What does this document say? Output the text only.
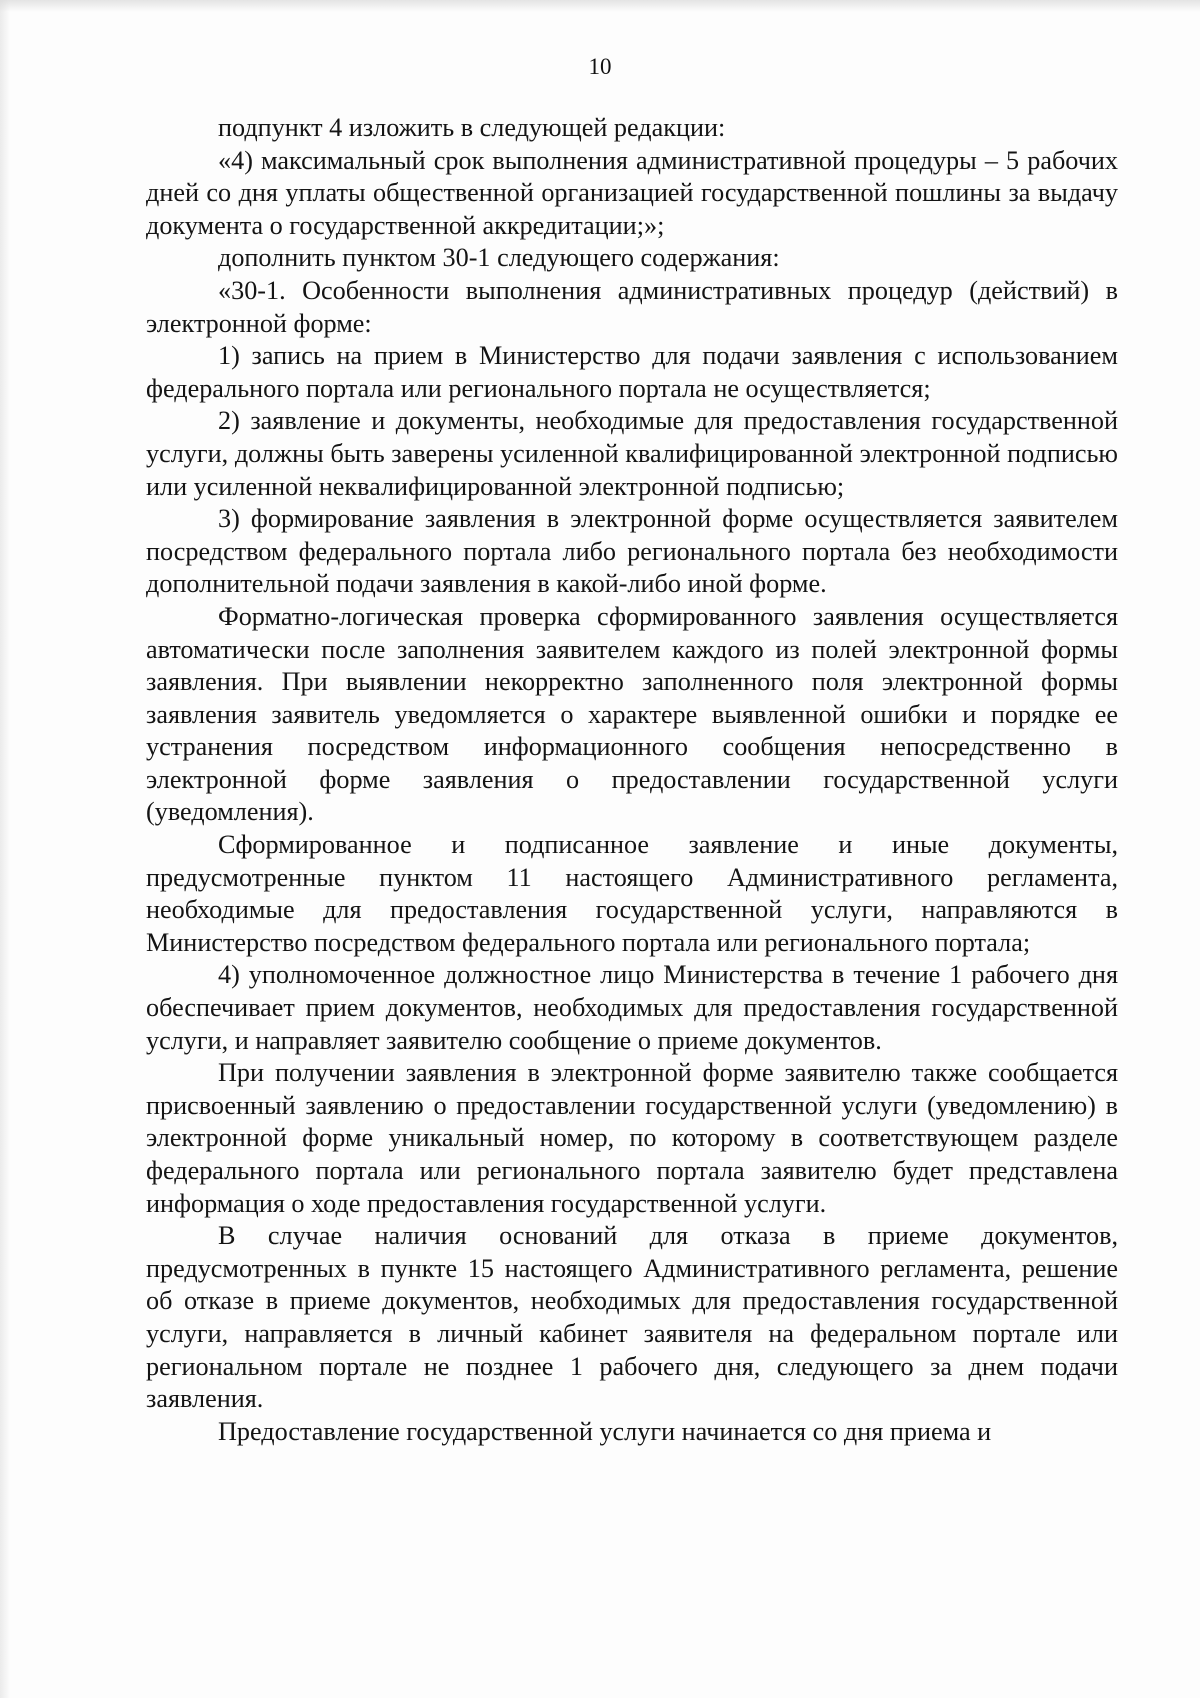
10

подпункт 4 изложить в следующей редакции:

«4) максимальный срок выполнения административной процедуры – 5 рабочих дней со дня уплаты общественной организацией государственной пошлины за выдачу документа о государственной аккредитации;»;

дополнить пунктом 30-1 следующего содержания:

«30-1. Особенности выполнения административных процедур (действий) в электронной форме:

1) запись на прием в Министерство для подачи заявления с использованием федерального портала или регионального портала не осуществляется;

2) заявление и документы, необходимые для предоставления государственной услуги, должны быть заверены усиленной квалифицированной электронной подписью или усиленной неквалифицированной электронной подписью;

3) формирование заявления в электронной форме осуществляется заявителем посредством федерального портала либо регионального портала без необходимости дополнительной подачи заявления в какой-либо иной форме.

Форматно-логическая проверка сформированного заявления осуществляется автоматически после заполнения заявителем каждого из полей электронной формы заявления. При выявлении некорректно заполненного поля электронной формы заявления заявитель уведомляется о характере выявленной ошибки и порядке ее устранения посредством информационного сообщения непосредственно в электронной форме заявления о предоставлении государственной услуги (уведомления).

Сформированное и подписанное заявление и иные документы, предусмотренные пунктом 11 настоящего Административного регламента, необходимые для предоставления государственной услуги, направляются в Министерство посредством федерального портала или регионального портала;

4) уполномоченное должностное лицо Министерства в течение 1 рабочего дня обеспечивает прием документов, необходимых для предоставления государственной услуги, и направляет заявителю сообщение о приеме документов.

При получении заявления в электронной форме заявителю также сообщается присвоенный заявлению о предоставлении государственной услуги (уведомлению) в электронной форме уникальный номер, по которому в соответствующем разделе федерального портала или регионального портала заявителю будет представлена информация о ходе предоставления государственной услуги.

В случае наличия оснований для отказа в приеме документов, предусмотренных в пункте 15 настоящего Административного регламента, решение об отказе в приеме документов, необходимых для предоставления государственной услуги, направляется в личный кабинет заявителя на федеральном портале или региональном портале не позднее 1 рабочего дня, следующего за днем подачи заявления.

Предоставление государственной услуги начинается со дня приема и
